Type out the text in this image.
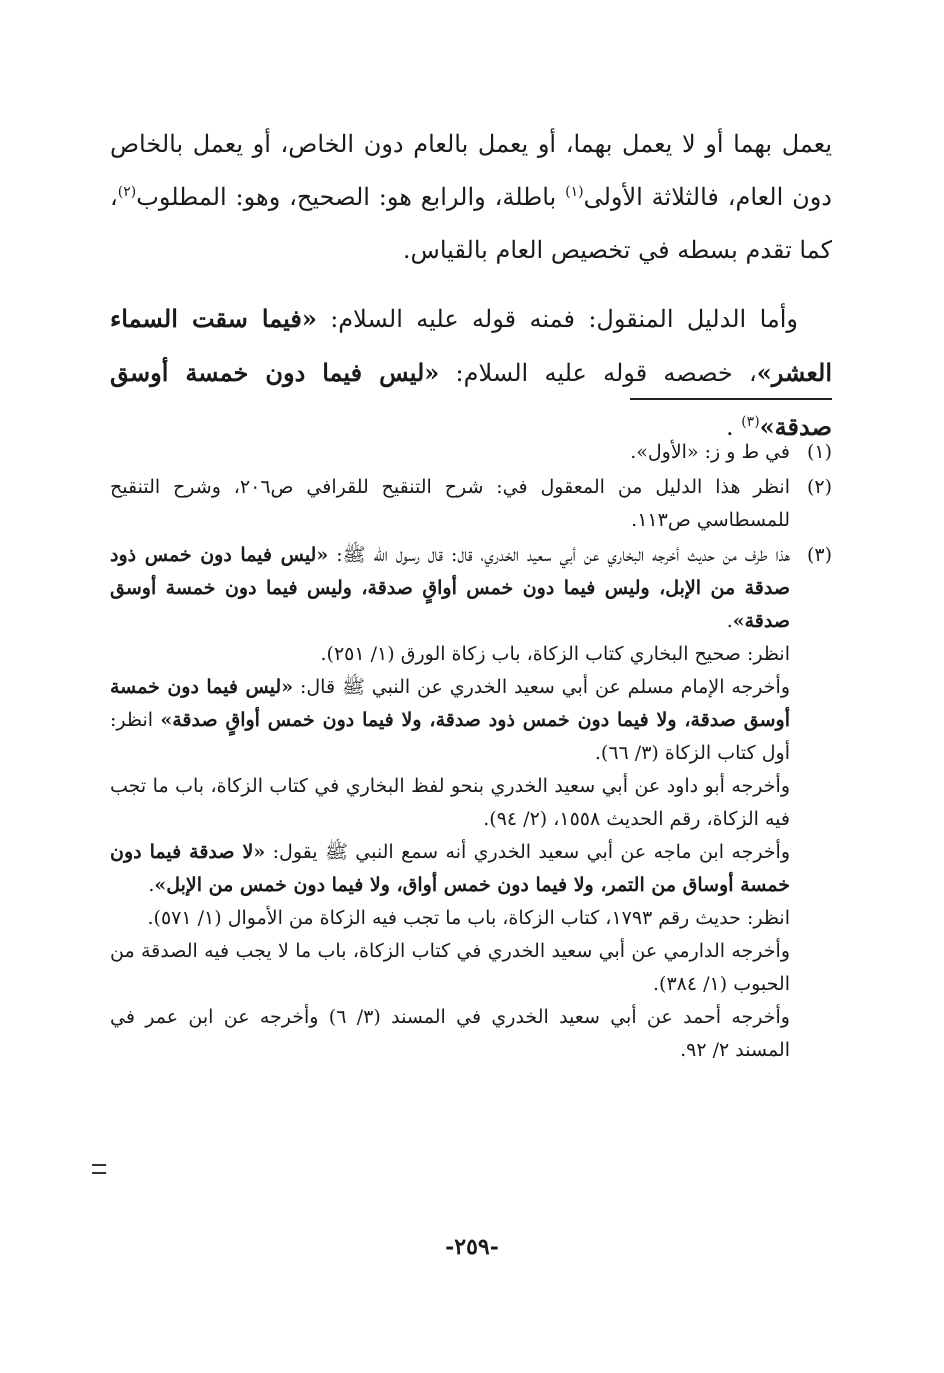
يعمل بهما أو لا يعمل بهما، أو يعمل بالعام دون الخاص، أو يعمل بالخاص دون العام، فالثلاثة الأولى$^{(١)}$ باطلة، والرابع هو: الصحيح، وهو: المطلوب$^{(٢)}$، كما تقدم بسطه في تخصيص العام بالقياس.

وأما الدليل المنقول: فمنه قوله عليه السلام: «فيما سقت السماء العشر»، خصصه قوله عليه السلام: «ليس فيما دون خمسة أوسق صدقة»$^{(٣)}$ .

(١)
في ط و ز: «الأول».
(٢)
انظر هذا الدليل من المعقول في: شرح التنقيح للقرافي ص٢٠٦، وشرح التنقيح للمسطاسي ص١١٣.
(٣)

هذا طرف من حديث أخرجه البخاري عن أبي سعيد الخدري، قال: قال رسول الله ﷺ: «ليس فيما دون خمس ذود صدقة من الإبل، وليس فيما دون خمس أواقٍ صدقة، وليس فيما دون خمسة أوسق صدقة».

انظر: صحيح البخاري كتاب الزكاة، باب زكاة الورق (١/ ٢٥١).

وأخرجه الإمام مسلم عن أبي سعيد الخدري عن النبي ﷺ قال: «ليس فيما دون خمسة أوسق صدقة، ولا فيما دون خمس ذود صدقة، ولا فيما دون خمس أواقٍ صدقة» انظر: أول كتاب الزكاة (٣/ ٦٦).

وأخرجه أبو داود عن أبي سعيد الخدري بنحو لفظ البخاري في كتاب الزكاة، باب ما تجب فيه الزكاة، رقم الحديث ١٥٥٨، (٢/ ٩٤).

وأخرجه ابن ماجه عن أبي سعيد الخدري أنه سمع النبي ﷺ يقول: «لا صدقة فيما دون خمسة أوساق من التمر، ولا فيما دون خمس أواق، ولا فيما دون خمس من الإبل».

انظر: حديث رقم ١٧٩٣، كتاب الزكاة، باب ما تجب فيه الزكاة من الأموال (١/ ٥٧١).

وأخرجه الدارمي عن أبي سعيد الخدري في كتاب الزكاة، باب ما لا يجب فيه الصدقة من الحبوب (١/ ٣٨٤).

وأخرجه أحمد عن أبي سعيد الخدري في المسند (٣/ ٦) وأخرجه عن ابن عمر في المسند ٢/ ٩٢.

-٢٥٩-
